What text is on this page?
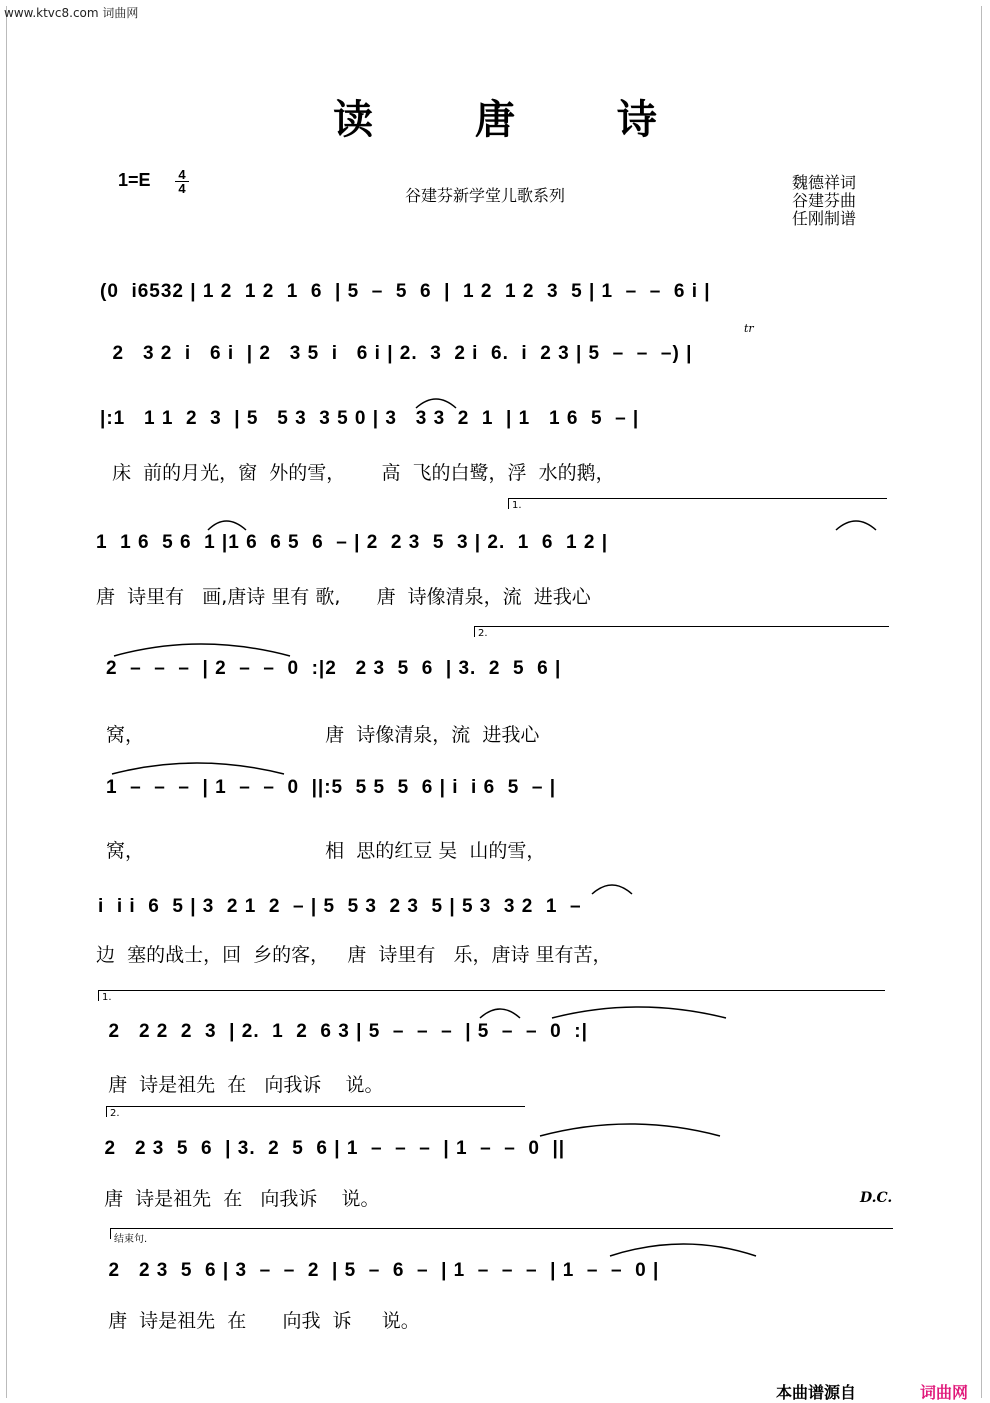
www.ktvc8.com 词曲网
读 唐 诗
1=E 4
4	谷建芬新学堂儿歌系列
魏德祥词
谷建芬曲
任刚制谱
(0  i6532 | 1 2  1 2  1  6  | 5  –  5  6  |  1 2  1 2  3  5 | 1  –  –  6 i |
2   3 2  i   6 i  | 2   3 5  i   6 i | 2.  3  2 i  6.  i  2 3 | 5  –  –  –) |
tr
|:1   1 1  2  3  | 5   5 3  3 5 0 | 3   3 3  2  1  | 1   1 6  5  – |
床  前的月光，窗  外的雪，      高  飞的白鹭，浮  水的鹅，
1.
1  1 6  5 6  1 |1 6  6 5  6  – | 2  2 3  5  3 | 2.  1  6  1 2 |
唐  诗里有   画,唐诗 里有 歌,      唐  诗像清泉，流  进我心
2.
2  –  –  –  | 2  –  –  0  :|2   2 3  5  6  | 3.  2  5  6 |
窝，                              唐  诗像清泉，流  进我心
1  –  –  –  | 1  –  –  0  ||:5  5 5  5  6 | i  i 6  5  – |
窝，                              相  思的红豆 吴  山的雪，
i  i i  6  5 | 3  2 1  2  – | 5  5 3  2 3  5 | 5 3  3 2  1  –
边  塞的战士，回  乡的客，   唐  诗里有   乐，唐诗 里有苦，
1.
2   2 2  2  3  | 2.  1  2  6 3 | 5  –  –  –  | 5  –  –  0  :|
唐  诗是祖先  在   向我诉    说。
2.
2   2 3  5  6  | 3.  2  5  6 | 1  –  –  –  | 1  –  –  0  ||
唐  诗是祖先  在   向我诉    说。	D.C.
结束句.
2   2 3  5  6 | 3  –  –  2  | 5  –  6  –  | 1  –  –  –  | 1  –  –  0 |
唐  诗是祖先  在      向我  诉     说。
本曲谱源自	词曲网
